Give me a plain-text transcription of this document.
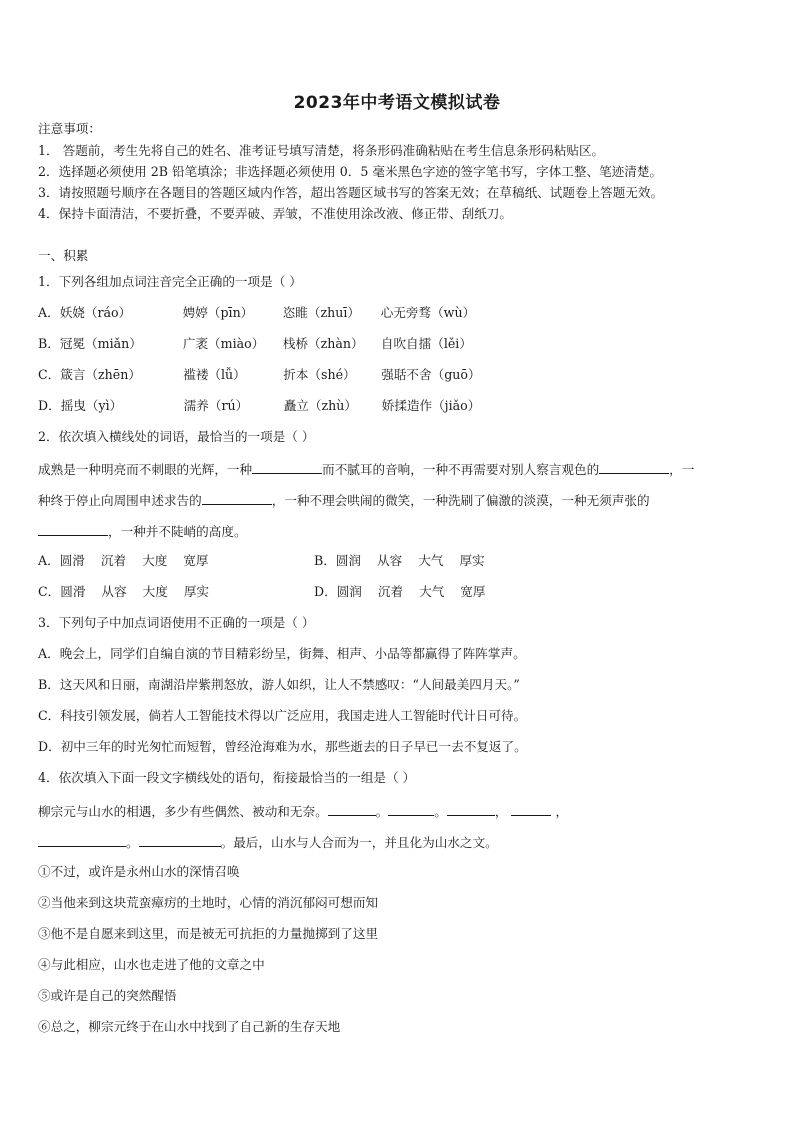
2023年中考语文模拟试卷
注意事项：
1． 答题前，考生先将自己的姓名、准考证号填写清楚，将条形码准确粘贴在考生信息条形码粘贴区。
2．选择题必须使用 2B 铅笔填涂；非选择题必须使用 0．5 毫米黑色字迹的签字笔书写，字体工整、笔迹清楚。
3．请按照题号顺序在各题目的答题区域内作答，超出答题区域书写的答案无效；在草稿纸、试题卷上答题无效。
4．保持卡面清洁，不要折叠，不要弄破、弄皱，不准使用涂改液、修正带、刮纸刀。
一、积累
1．下列各组加点词注音完全正确的一项是（ ）
A．妖娆（ráo）	娉婷（pīn） 恣睢（zhuī） 心无旁骛（wù）
B．冠冕（miǎn）	广袤（miào） 栈桥（zhàn） 自吹自擂（lěi）
C．箴言（zhēn）	褴褛（lǚ）	折本（shé） 强聒不舍（guō）
D．摇曳（yì）	濡养（rú）	矗立（zhù） 娇揉造作（jiǎo）
2．依次填入横线处的词语，最恰当的一项是（ ）
成熟是一种明亮而不刺眼的光辉，一种	而不腻耳的音响，一种不再需要对别人察言观色的	，一
种终于停止向周围申述求告的	，一种不理会哄闹的微笑，一种洗刷了偏激的淡漠，一种无须声张的
，一种并不陡峭的高度。
A．圆滑    沉着    大度    宽厚	B．圆润    从容    大气    厚实
C．圆滑    从容    大度    厚实	D．圆润    沉着    大气    宽厚
3．下列句子中加点词语使用不正确的一项是（ ）
A．晚会上，同学们自编自演的节目精彩纷呈，街舞、相声、小品等都赢得了阵阵掌声。
B．这天风和日丽，南湖沿岸紫荆怒放，游人如织，让人不禁感叹：“人间最美四月天。”
C．科技引领发展，倘若人工智能技术得以广泛应用，我国走进人工智能时代计日可待。
D．初中三年的时光匆忙而短暂，曾经沧海难为水，那些逝去的日子早已一去不复返了。
4．依次填入下面一段文字横线处的语句，衔接最恰当的一组是（ ）
柳宗元与山水的相遇，多少有些偶然、被动和无奈。	。	。	，	，
。	。最后，山水与人合而为一，并且化为山水之文。
①不过，或许是永州山水的深情召唤
②当他来到这块荒蛮瘴疠的土地时，心情的消沉郁闷可想而知
③他不是自愿来到这里，而是被无可抗拒的力量抛掷到了这里
④与此相应，山水也走进了他的文章之中
⑤或许是自己的突然醒悟
⑥总之，柳宗元终于在山水中找到了自己新的生存天地
